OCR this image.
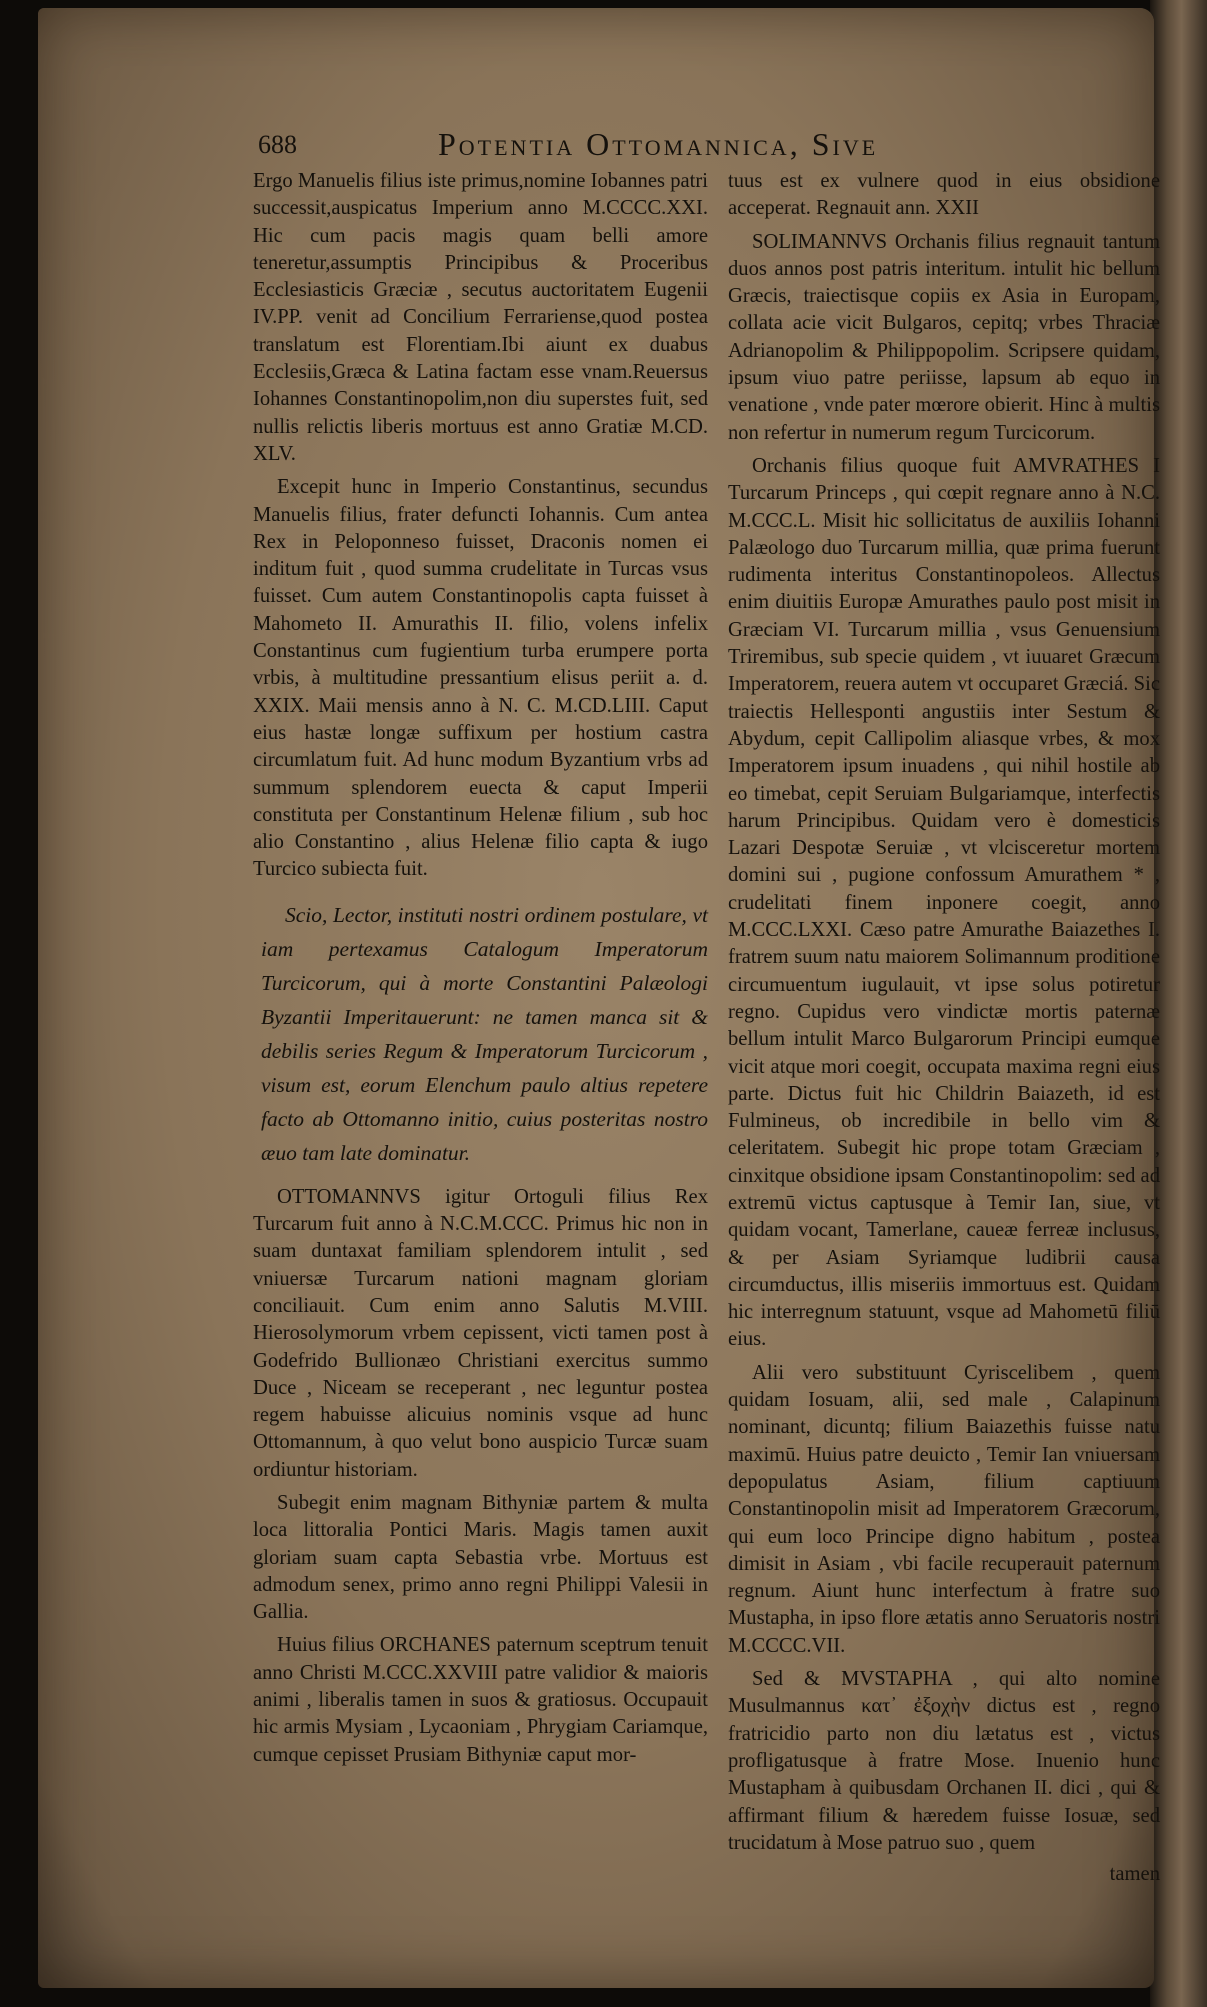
688	Potentia Ottomannica, Sive

Ergo Manuelis filius iste primus,nomine Iobannes patri successit,auspicatus Imperium anno M.CCCC.XXI. Hic cum pacis magis quam belli amore teneretur,assumptis Principibus & Proceribus Ecclesiasticis Græciæ , secutus auctoritatem Eugenii IV.PP. venit ad Concilium Ferrariense,quod postea translatum est Florentiam.Ibi aiunt ex duabus Ecclesiis,Græca & Latina factam esse vnam.Reuersus Iohannes Constantinopolim,non diu superstes fuit, sed nullis relictis liberis mortuus est anno Gratiæ M.CD. XLV.

Excepit hunc in Imperio Constantinus, secundus Manuelis filius, frater defuncti Iohannis. Cum antea Rex in Peloponneso fuisset, Draconis nomen ei inditum fuit , quod summa crudelitate in Turcas vsus fuisset. Cum autem Constantinopolis capta fuisset à Mahometo II. Amurathis II. filio, volens infelix Constantinus cum fugientium turba erumpere porta vrbis, à multitudine pressantium elisus periit a. d. XXIX. Maii mensis anno à N. C. M.CD.LIII. Caput eius hastæ longæ suffixum per hostium castra circumlatum fuit. Ad hunc modum Byzantium vrbs ad summum splendorem euecta & caput Imperii constituta per Constantinum Helenæ filium , sub hoc alio Constantino , alius Helenæ filio capta & iugo Turcico subiecta fuit.

Scio, Lector, instituti nostri ordinem postulare, vt iam pertexamus Catalogum Imperatorum Turcicorum, qui à morte Constantini Palæologi Byzantii Imperitauerunt: ne tamen manca sit & debilis series Regum & Imperatorum Turcicorum , visum est, eorum Elenchum paulo altius repetere facto ab Ottomanno initio, cuius posteritas nostro æuo tam late dominatur.

OTTOMANNVS igitur Ortoguli filius Rex Turcarum fuit anno à N.C.M.CCC. Primus hic non in suam duntaxat familiam splendorem intulit , sed vniuersæ Turcarum nationi magnam gloriam conciliauit. Cum enim anno Salutis M.VIII. Hierosolymorum vrbem cepissent, victi tamen post à Godefrido Bullionæo Christiani exercitus summo Duce , Niceam se receperant , nec leguntur postea regem habuisse alicuius nominis vsque ad hunc Ottomannum, à quo velut bono auspicio Turcæ suam ordiuntur historiam.

Subegit enim magnam Bithyniæ partem & multa loca littoralia Pontici Maris. Magis tamen auxit gloriam suam capta Sebastia vrbe. Mortuus est admodum senex, primo anno regni Philippi Valesii in Gallia.

Huius filius ORCHANES paternum sceptrum tenuit anno Christi M.CCC.XXVIII patre validior & maioris animi , liberalis tamen in suos & gratiosus. Occupauit hic armis Mysiam , Lycaoniam , Phrygiam Cariamque, cumque cepisset Prusiam Bithyniæ caput mor-

tuus est ex vulnere quod in eius obsidione acceperat. Regnauit ann. XXII

SOLIMANNVS Orchanis filius regnauit tantum duos annos post patris interitum. intulit hic bellum Græcis, traiectisque copiis ex Asia in Europam, collata acie vicit Bulgaros, cepitq; vrbes Thraciæ Adrianopolim & Philippopolim. Scripsere quidam, ipsum viuo patre periisse, lapsum ab equo in venatione , vnde pater mœrore obierit. Hinc à multis non refertur in numerum regum Turcicorum.

Orchanis filius quoque fuit AMVRATHES I Turcarum Princeps , qui cœpit regnare anno à N.C. M.CCC.L. Misit hic sollicitatus de auxiliis Iohanni Palæologo duo Turcarum millia, quæ prima fuerunt rudimenta interitus Constantinopoleos. Allectus enim diuitiis Europæ Amurathes paulo post misit in Græciam VI. Turcarum millia , vsus Genuensium Triremibus, sub specie quidem , vt iuuaret Græcum Imperatorem, reuera autem vt occuparet Græciá. Sic traiectis Hellesponti angustiis inter Sestum & Abydum, cepit Callipolim aliasque vrbes, & mox Imperatorem ipsum inuadens , qui nihil hostile ab eo timebat, cepit Seruiam Bulgariamque, interfectis harum Principibus. Quidam vero è domesticis Lazari Despotæ Seruiæ , vt vlcisceretur mortem domini sui , pugione confossum Amurathem * , crudelitati finem inponere coegit, anno M.CCC.LXXI. Cæso patre Amurathe Baiazethes I. fratrem suum natu maiorem Solimannum proditione circumuentum iugulauit, vt ipse solus potiretur regno. Cupidus vero vindictæ mortis paternæ bellum intulit Marco Bulgarorum Principi eumque vicit atque mori coegit, occupata maxima regni eius parte. Dictus fuit hic Childrin Baiazeth, id est Fulmineus, ob incredibile in bello vim & celeritatem. Subegit hic prope totam Græciam , cinxitque obsidione ipsam Constantinopolim: sed ad extremū victus captusque à Temir Ian, siue, vt quidam vocant, Tamerlane, caueæ ferreæ inclusus, & per Asiam Syriamque ludibrii causa circumductus, illis miseriis immortuus est. Quidam hic interregnum statuunt, vsque ad Mahometū filiū eius.

Alii vero substituunt Cyriscelibem , quem quidam Iosuam, alii, sed male , Calapinum nominant, dicuntq; filium Baiazethis fuisse natu maximū. Huius patre deuicto , Temir Ian vniuersam depopulatus Asiam, filium captiuum Constantinopolin misit ad Imperatorem Græcorum, qui eum loco Principe digno habitum , postea dimisit in Asiam , vbi facile recuperauit paternum regnum. Aiunt hunc interfectum à fratre suo Mustapha, in ipso flore ætatis anno Seruatoris nostri M.CCCC.VII.

Sed & MVSTAPHA , qui alto nomine Musulmannus κατ᾽ ἐξοχὴν dictus est , regno fratricidio parto non diu lætatus est , victus profligatusque à fratre Mose. Inuenio hunc Mustapham à quibusdam Orchanen II. dici , qui & affirmant filium & hæredem fuisse Iosuæ, sed trucidatum à Mose patruo suo , quem

tamen
